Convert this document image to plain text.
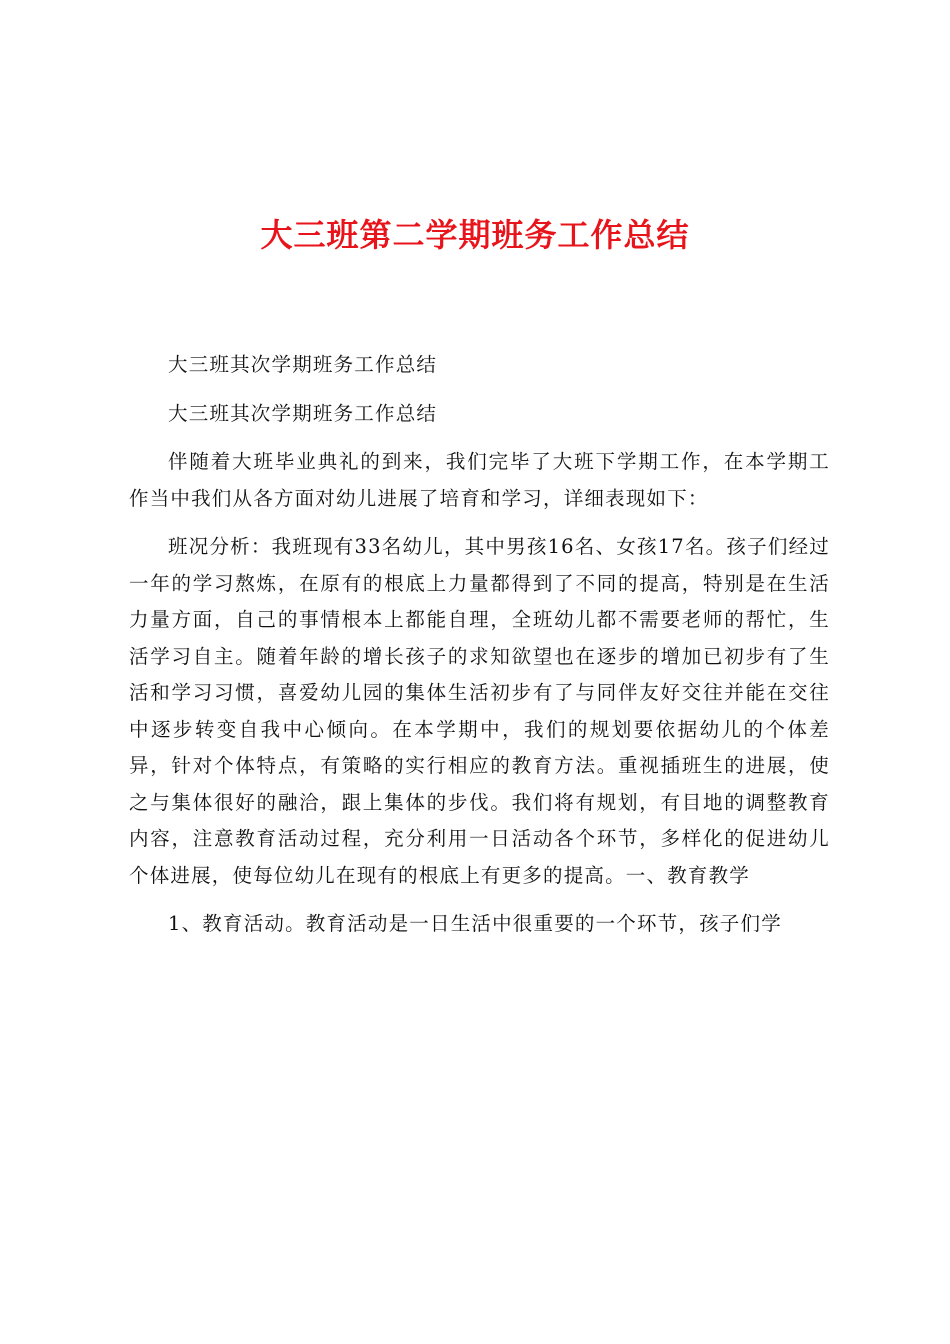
大三班第二学期班务工作总结

大三班其次学期班务工作总结

大三班其次学期班务工作总结

伴随着大班毕业典礼的到来，我们完毕了大班下学期工作，在本学期工作当中我们从各方面对幼儿进展了培育和学习，详细表现如下：

班况分析：我班现有33名幼儿，其中男孩16名、女孩17名。孩子们经过一年的学习熬炼，在原有的根底上力量都得到了不同的提高，特别是在生活力量方面，自己的事情根本上都能自理，全班幼儿都不需要老师的帮忙，生活学习自主。随着年龄的增长孩子的求知欲望也在逐步的增加已初步有了生活和学习习惯，喜爱幼儿园的集体生活初步有了与同伴友好交往并能在交往中逐步转变自我中心倾向。在本学期中，我们的规划要依据幼儿的个体差异，针对个体特点，有策略的实行相应的教育方法。重视插班生的进展，使之与集体很好的融洽，跟上集体的步伐。我们将有规划，有目地的调整教育内容，注意教育活动过程，充分利用一日活动各个环节，多样化的促进幼儿个体进展，使每位幼儿在现有的根底上有更多的提高。一、教育教学

1、教育活动。教育活动是一日生活中很重要的一个环节，孩子们学
